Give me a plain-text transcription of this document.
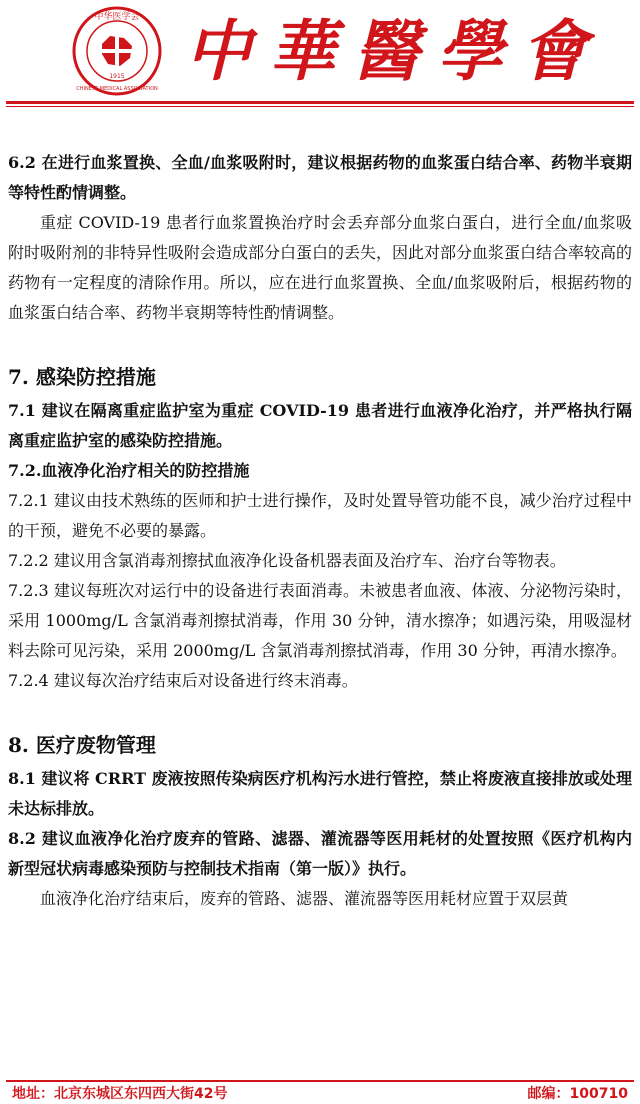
中华医学会
CHINESE MEDICAL ASSOCIATION
1915 中華醫學會

6.2 在进行血浆置换、全血/血浆吸附时，建议根据药物的血浆蛋白结合率、药物半衰期等特性酌情调整。

重症 COVID-19 患者行血浆置换治疗时会丢弃部分血浆白蛋白，进行全血/血浆吸附时吸附剂的非特异性吸附会造成部分白蛋白的丢失，因此对部分血浆蛋白结合率较高的药物有一定程度的清除作用。所以，应在进行血浆置换、全血/血浆吸附后，根据药物的血浆蛋白结合率、药物半衰期等特性酌情调整。

7. 感染防控措施

7.1 建议在隔离重症监护室为重症 COVID-19 患者进行血液净化治疗，并严格执行隔离重症监护室的感染防控措施。

7.2.血液净化治疗相关的防控措施

7.2.1 建议由技术熟练的医师和护士进行操作，及时处置导管功能不良，减少治疗过程中的干预，避免不必要的暴露。

7.2.2 建议用含氯消毒剂擦拭血液净化设备机器表面及治疗车、治疗台等物表。

7.2.3 建议每班次对运行中的设备进行表面消毒。未被患者血液、体液、分泌物污染时，采用 1000mg/L 含氯消毒剂擦拭消毒，作用 30 分钟，清水擦净；如遇污染，用吸湿材料去除可见污染，采用 2000mg/L 含氯消毒剂擦拭消毒，作用 30 分钟，再清水擦净。

7.2.4 建议每次治疗结束后对设备进行终末消毒。

8. 医疗废物管理

8.1 建议将 CRRT 废液按照传染病医疗机构污水进行管控，禁止将废液直接排放或处理未达标排放。

8.2 建议血液净化治疗废弃的管路、滤器、灌流器等医用耗材的处置按照《医疗机构内新型冠状病毒感染预防与控制技术指南（第一版）》执行。

血液净化治疗结束后，废弃的管路、滤器、灌流器等医用耗材应置于双层黄

地址：北京东城区东四西大街42号	邮编：100710
